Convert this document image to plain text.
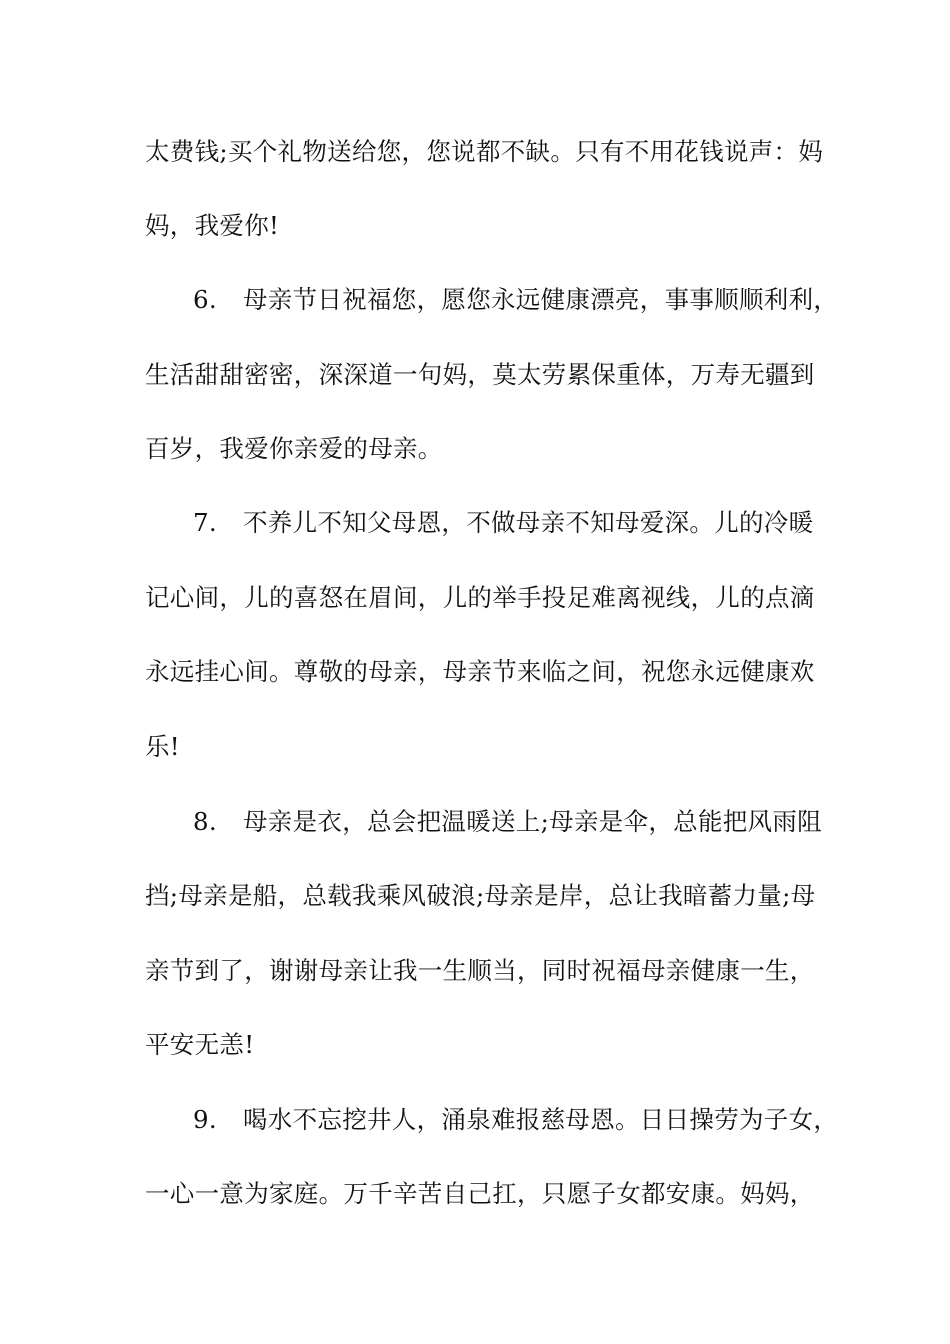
太费钱;买个礼物送给您，您说都不缺。只有不用花钱说声：妈
妈，我爱你!
6. 母亲节日祝福您，愿您永远健康漂亮，事事顺顺利利，
生活甜甜密密，深深道一句妈，莫太劳累保重体，万寿无疆到
百岁，我爱你亲爱的母亲。
7. 不养儿不知父母恩，不做母亲不知母爱深。儿的冷暖
记心间，儿的喜怒在眉间，儿的举手投足难离视线，儿的点滴
永远挂心间。尊敬的母亲，母亲节来临之间，祝您永远健康欢
乐!
8. 母亲是衣，总会把温暖送上;母亲是伞，总能把风雨阻
挡;母亲是船，总载我乘风破浪;母亲是岸，总让我暗蓄力量;母
亲节到了，谢谢母亲让我一生顺当，同时祝福母亲健康一生，
平安无恙!
9. 喝水不忘挖井人，涌泉难报慈母恩。日日操劳为子女，
一心一意为家庭。万千辛苦自己扛，只愿子女都安康。妈妈，
